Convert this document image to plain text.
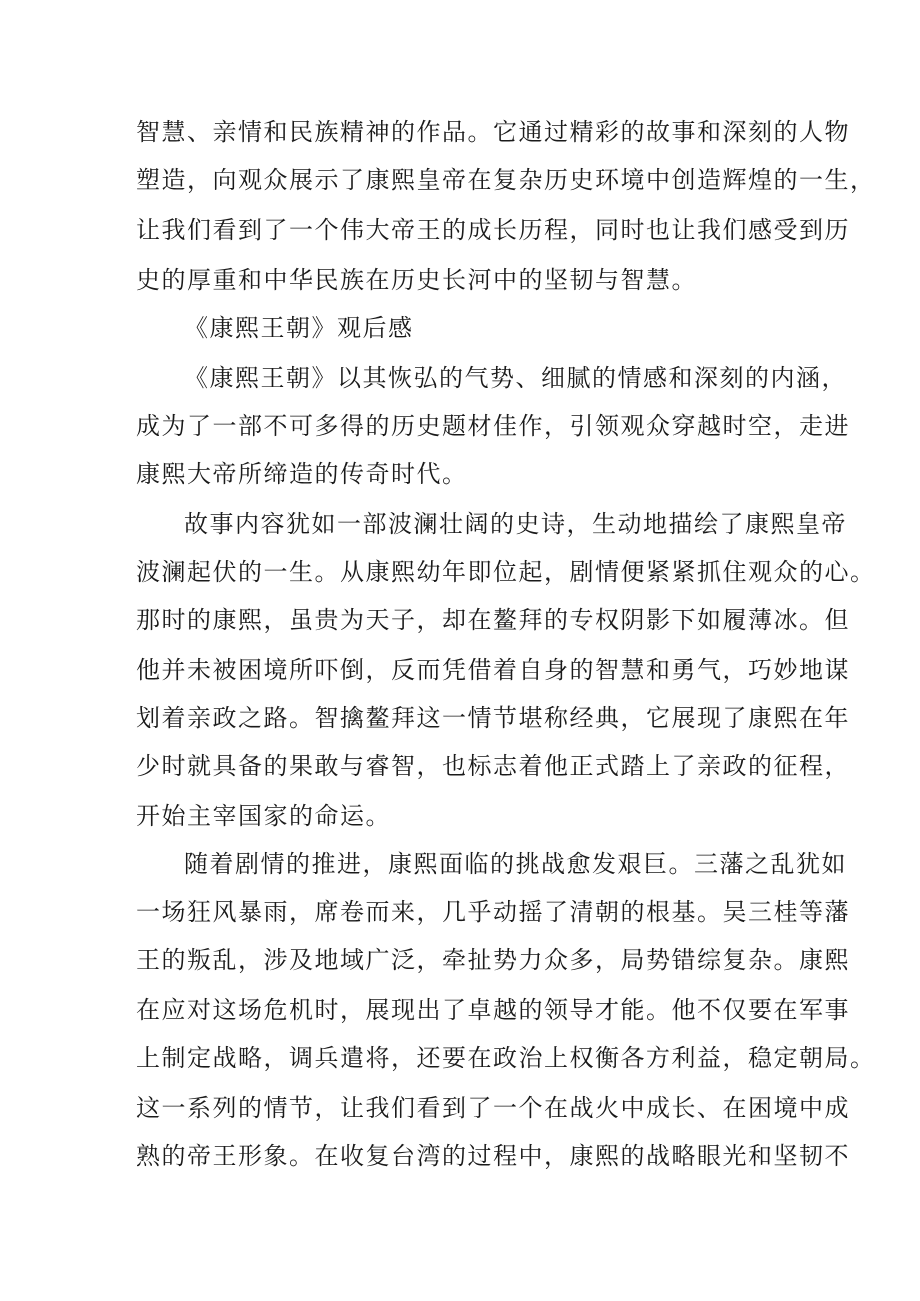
智慧、亲情和民族精神的作品。它通过精彩的故事和深刻的人物
塑造，向观众展示了康熙皇帝在复杂历史环境中创造辉煌的一生，
让我们看到了一个伟大帝王的成长历程，同时也让我们感受到历
史的厚重和中华民族在历史长河中的坚韧与智慧。
《康熙王朝》观后感
《康熙王朝》以其恢弘的气势、细腻的情感和深刻的内涵，
成为了一部不可多得的历史题材佳作，引领观众穿越时空，走进
康熙大帝所缔造的传奇时代。
故事内容犹如一部波澜壮阔的史诗，生动地描绘了康熙皇帝
波澜起伏的一生。从康熙幼年即位起，剧情便紧紧抓住观众的心。
那时的康熙，虽贵为天子，却在鳌拜的专权阴影下如履薄冰。但
他并未被困境所吓倒，反而凭借着自身的智慧和勇气，巧妙地谋
划着亲政之路。智擒鳌拜这一情节堪称经典，它展现了康熙在年
少时就具备的果敢与睿智，也标志着他正式踏上了亲政的征程，
开始主宰国家的命运。
随着剧情的推进，康熙面临的挑战愈发艰巨。三藩之乱犹如
一场狂风暴雨，席卷而来，几乎动摇了清朝的根基。吴三桂等藩
王的叛乱，涉及地域广泛，牵扯势力众多，局势错综复杂。康熙
在应对这场危机时，展现出了卓越的领导才能。他不仅要在军事
上制定战略，调兵遣将，还要在政治上权衡各方利益，稳定朝局。
这一系列的情节，让我们看到了一个在战火中成长、在困境中成
熟的帝王形象。在收复台湾的过程中，康熙的战略眼光和坚韧不
